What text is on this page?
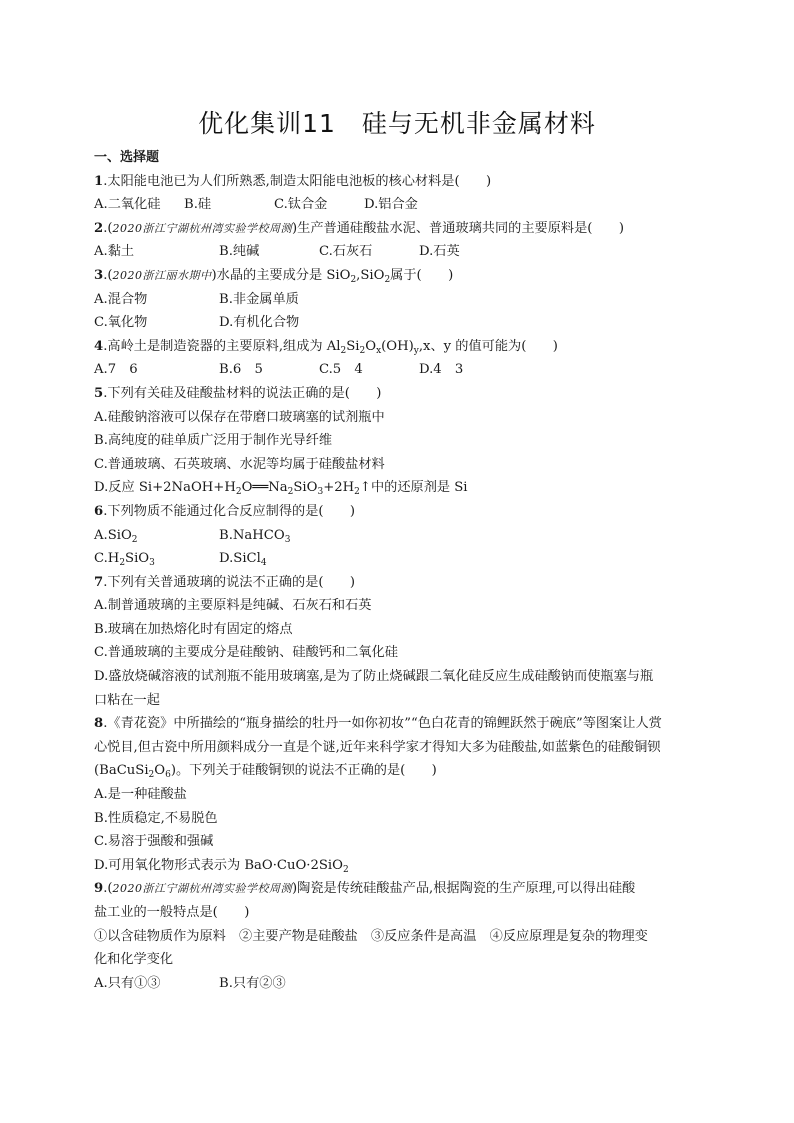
优化集训11　硅与无机非金属材料
一、选择题
1.太阳能电池已为人们所熟悉,制造太阳能电池板的核心材料是(　　)
A.二氧化硅	B.硅	C.钛合金	D.铝合金
2.(2020浙江宁湖杭州湾实验学校周测)生产普通硅酸盐水泥、普通玻璃共同的主要原料是(　　)
A.黏土	B.纯碱	C.石灰石	D.石英
3.(2020浙江丽水期中)水晶的主要成分是 SiO$_2$,SiO$_2$属于(　　)
A.混合物	B.非金属单质
C.氧化物	D.有机化合物
4.高岭土是制造瓷器的主要原料,组成为 $Al_2Si_2O_x(OH)_y,x$、y 的值可能为(　　)
A.7　6	B.6　5	C.5　4	D.4　3
5.下列有关硅及硅酸盐材料的说法正确的是(　　)
A.硅酸钠溶液可以保存在带磨口玻璃塞的试剂瓶中
B.高纯度的硅单质广泛用于制作光导纤维
C.普通玻璃、石英玻璃、水泥等均属于硅酸盐材料
D.反应 $Si+2NaOH+H_2O══Na_2SiO_3+2H_2↑$中的还原剂是 Si
6.下列物质不能通过化合反应制得的是(　　)
A.SiO$_2$	B.NaHCO$_3$
$C.H_2SiO_3$	D.SiCl$_4$
7.下列有关普通玻璃的说法不正确的是(　　)
A.制普通玻璃的主要原料是纯碱、石灰石和石英
B.玻璃在加热熔化时有固定的熔点
C.普通玻璃的主要成分是硅酸钠、硅酸钙和二氧化硅
D.盛放烧碱溶液的试剂瓶不能用玻璃塞,是为了防止烧碱跟二氧化硅反应生成硅酸钠而使瓶塞与瓶
口粘在一起
8.《青花瓷》中所描绘的“瓶身描绘的牡丹一如你初妆”“色白花青的锦鲤跃然于碗底”等图案让人赏
心悦目,但古瓷中所用颜料成分一直是个谜,近年来科学家才得知大多为硅酸盐,如蓝紫色的硅酸铜钡
$(BaCuSi_2O_6)$。下列关于硅酸铜钡的说法不正确的是(　　)
A.是一种硅酸盐
B.性质稳定,不易脱色
C.易溶于强酸和强碱
D.可用氧化物形式表示为 BaO·CuO·2SiO$_2$
9.(2020浙江宁湖杭州湾实验学校周测)陶瓷是传统硅酸盐产品,根据陶瓷的生产原理,可以得出硅酸
盐工业的一般特点是(　　)
①以含硅物质作为原料　②主要产物是硅酸盐　③反应条件是高温　④反应原理是复杂的物理变
化和化学变化
A.只有①③	B.只有②③
